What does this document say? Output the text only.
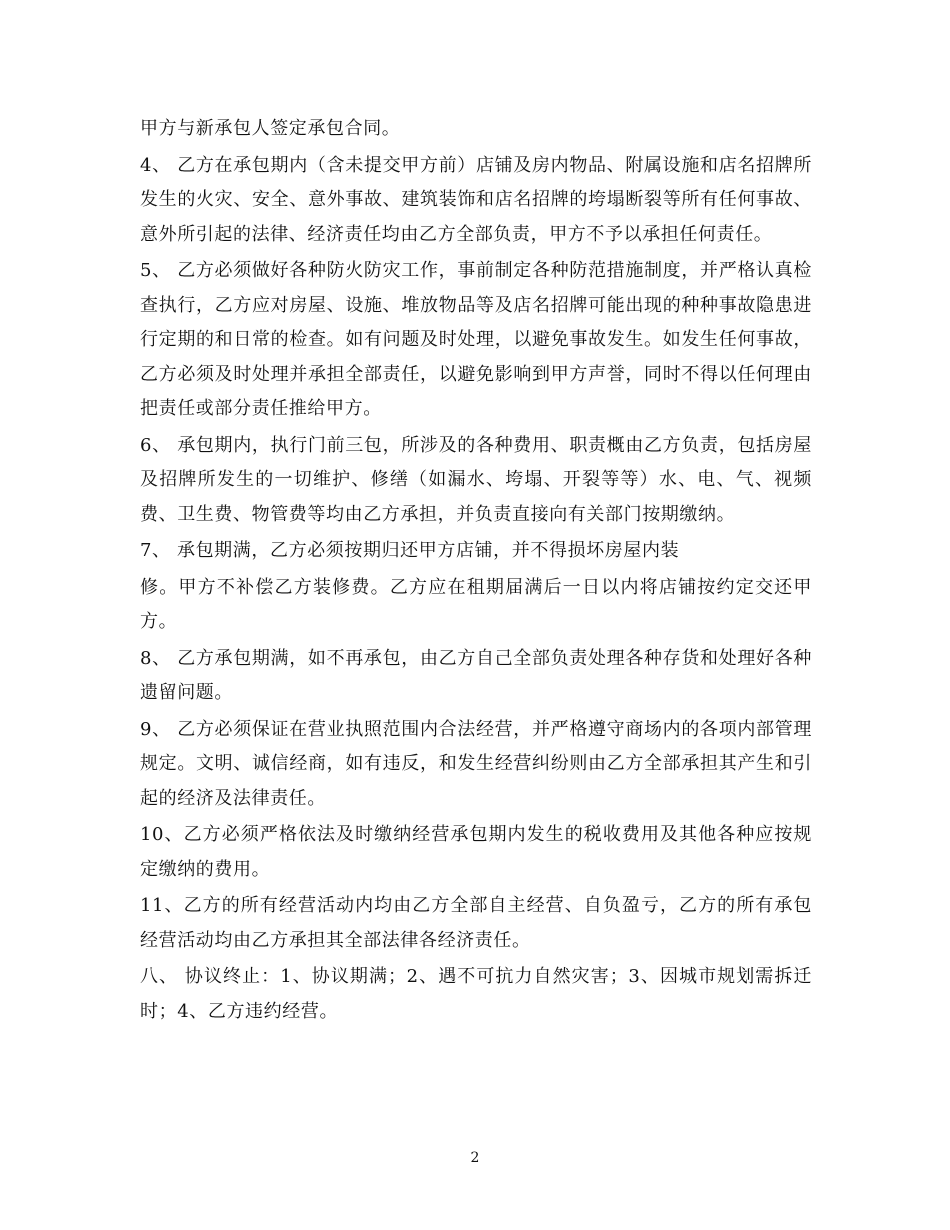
甲方与新承包人签定承包合同。

4、 乙方在承包期内（含未提交甲方前）店铺及房内物品、附属设施和店名招牌所发生的火灾、安全、意外事故、建筑装饰和店名招牌的垮塌断裂等所有任何事故、意外所引起的法律、经济责任均由乙方全部负责，甲方不予以承担任何责任。

5、 乙方必须做好各种防火防灾工作，事前制定各种防范措施制度，并严格认真检查执行，乙方应对房屋、设施、堆放物品等及店名招牌可能出现的种种事故隐患进行定期的和日常的检查。如有问题及时处理，以避免事故发生。如发生任何事故，乙方必须及时处理并承担全部责任，以避免影响到甲方声誉，同时不得以任何理由把责任或部分责任推给甲方。

6、 承包期内，执行门前三包，所涉及的各种费用、职责概由乙方负责，包括房屋及招牌所发生的一切维护、修缮（如漏水、垮塌、开裂等等）水、电、气、视频费、卫生费、物管费等均由乙方承担，并负责直接向有关部门按期缴纳。

7、 承包期满，乙方必须按期归还甲方店铺，并不得损坏房屋内装

修。甲方不补偿乙方装修费。乙方应在租期届满后一日以内将店铺按约定交还甲方。

8、 乙方承包期满，如不再承包，由乙方自己全部负责处理各种存货和处理好各种遗留问题。

9、 乙方必须保证在营业执照范围内合法经营，并严格遵守商场内的各项内部管理规定。文明、诚信经商，如有违反，和发生经营纠纷则由乙方全部承担其产生和引起的经济及法律责任。

10、乙方必须严格依法及时缴纳经营承包期内发生的税收费用及其他各种应按规定缴纳的费用。

11、乙方的所有经营活动内均由乙方全部自主经营、自负盈亏，乙方的所有承包经营活动均由乙方承担其全部法律各经济责任。

八、 协议终止：1、协议期满；2、遇不可抗力自然灾害；3、因城市规划需拆迁时；4、乙方违约经营。

2
